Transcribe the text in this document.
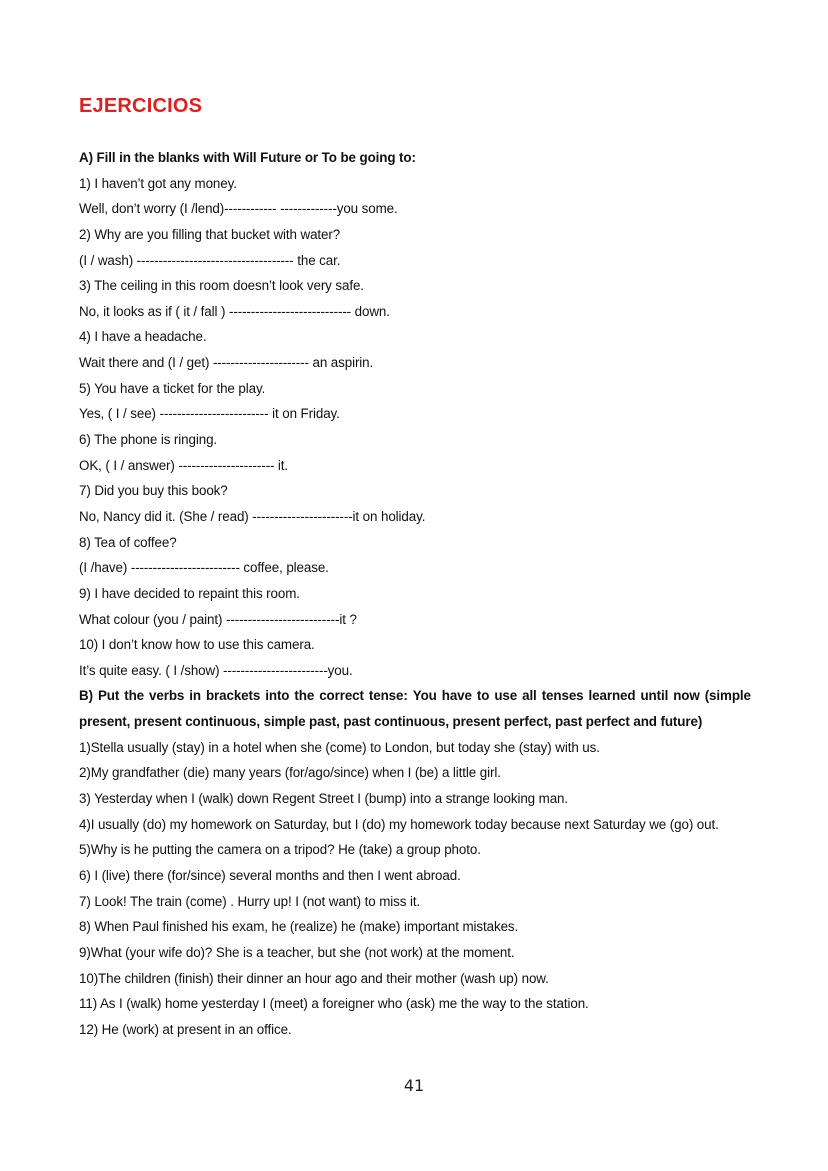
EJERCICIOS
A) Fill in the blanks with Will Future or To be going to:
1) I haven’t got any money.
Well, don’t worry (I /lend)------------ -------------you some.
2) Why are you filling that bucket with water?
(I / wash) ------------------------------------ the car.
3) The ceiling in this room doesn’t look very safe.
No, it looks as if ( it / fall ) ---------------------------- down.
4) I have a headache.
Wait there and (I / get) ---------------------- an aspirin.
5) You have a ticket for the play.
Yes, ( I / see) ------------------------- it on Friday.
6) The phone is ringing.
OK, ( I / answer) ---------------------- it.
7) Did you buy this book?
No, Nancy did it. (She / read) -----------------------it on holiday.
8) Tea of coffee?
(I /have) ------------------------- coffee, please.
9) I have decided to repaint this room.
What colour (you / paint) --------------------------it ?
10) I don’t know how to use this camera.
It’s quite easy. ( I /show) ------------------------you.
B) Put the verbs in brackets into the correct tense: You have to use all tenses learned until now (simple
present, present continuous, simple past, past continuous, present perfect, past perfect and future)
1)Stella usually (stay) in a hotel when she (come) to London, but today she (stay) with us.
2)My grandfather (die) many years (for/ago/since) when I (be) a little girl.
3) Yesterday when I (walk) down Regent Street I (bump) into a strange looking man.
4)I usually (do) my homework on Saturday, but I (do) my homework today because next Saturday we (go) out.
5)Why is he putting the camera on a tripod? He (take) a group photo.
6) I (live) there (for/since) several months and then I went abroad.
7) Look! The train (come) . Hurry up! I (not want) to miss it.
8) When Paul finished his exam, he (realize) he (make) important mistakes.
9)What (your wife do)? She is a teacher, but she (not work) at the moment.
10)The children (finish) their dinner an hour ago and their mother (wash up) now.
11) As I (walk) home yesterday I (meet) a foreigner who (ask) me the way to the station.
12) He (work) at present in an office.
41
